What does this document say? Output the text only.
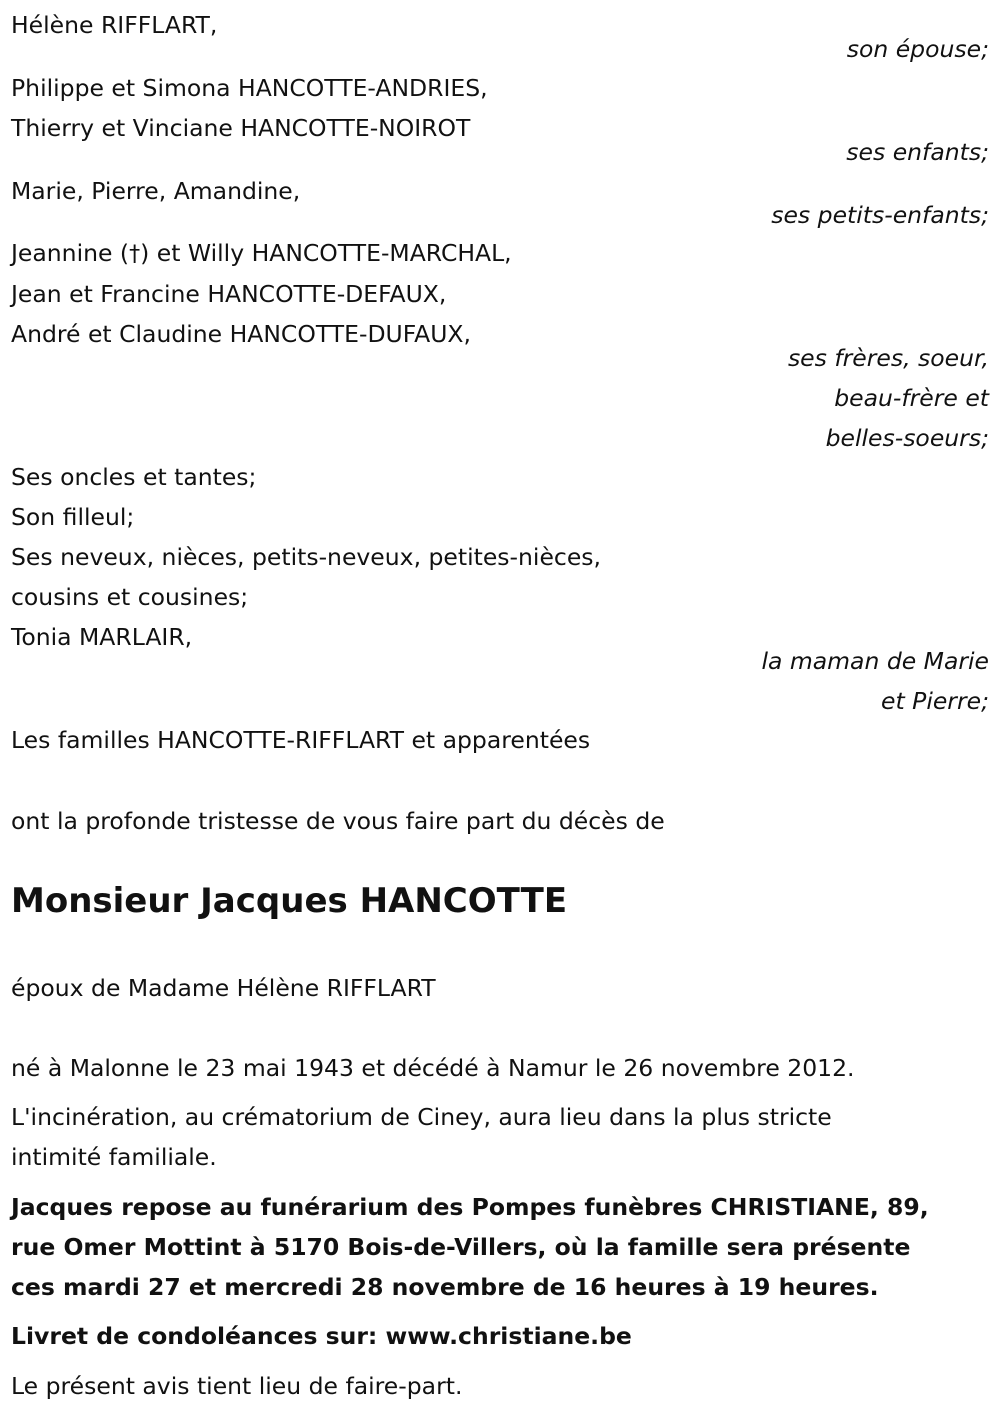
Hélène RIFFLART,
son épouse;
Philippe et Simona HANCOTTE-ANDRIES,
Thierry et Vinciane HANCOTTE-NOIROT
ses enfants;
Marie, Pierre, Amandine,
ses petits-enfants;
Jeannine (†) et Willy HANCOTTE-MARCHAL,
Jean et Francine HANCOTTE-DEFAUX,
André et Claudine HANCOTTE-DUFAUX,
ses frères, soeur,
beau-frère et
belles-soeurs;
Ses oncles et tantes;
Son filleul;
Ses neveux, nièces, petits-neveux, petites-nièces,
cousins et cousines;
Tonia MARLAIR,
la maman de Marie
et Pierre;
Les familles HANCOTTE-RIFFLART et apparentées
ont la profonde tristesse de vous faire part du décès de
Monsieur Jacques HANCOTTE
époux de Madame Hélène RIFFLART
né à Malonne le 23 mai 1943 et décédé à Namur le 26 novembre 2012.
L'incinération, au crématorium de Ciney, aura lieu dans la plus stricte
intimité familiale.
Jacques repose au funérarium des Pompes funèbres CHRISTIANE, 89,
rue Omer Mottint à 5170 Bois-de-Villers, où la famille sera présente
ces mardi 27 et mercredi 28 novembre de 16 heures à 19 heures.
Livret de condoléances sur: www.christiane.be
Le présent avis tient lieu de faire-part.
